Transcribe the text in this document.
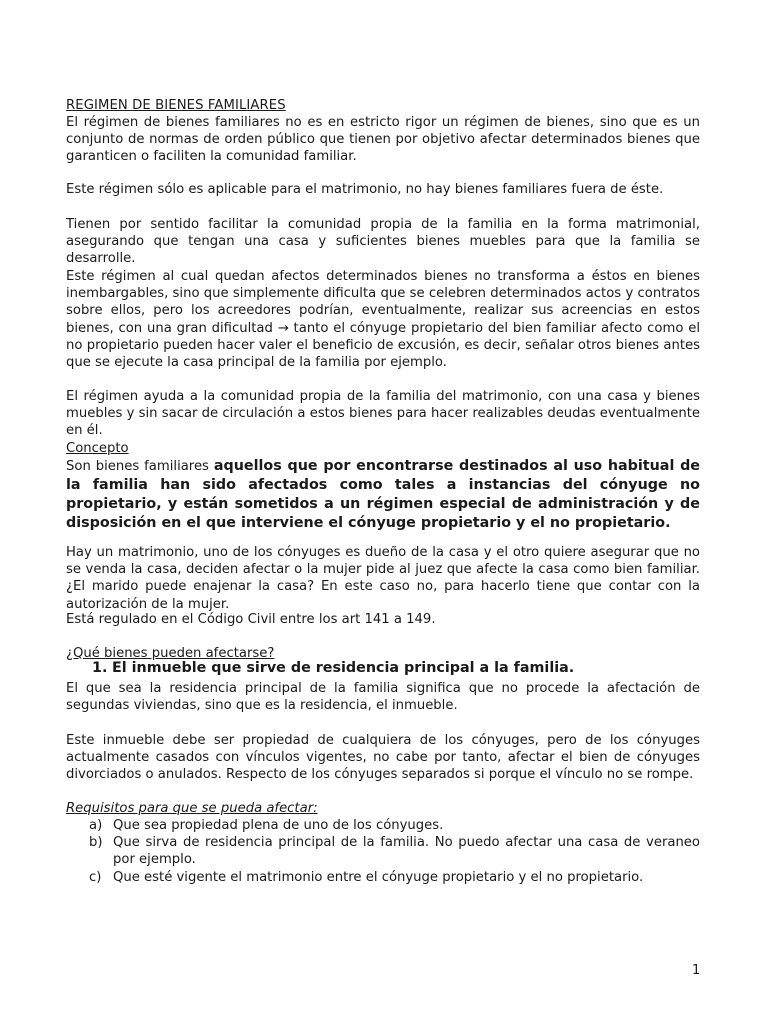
REGIMEN DE BIENES FAMILIARES
El régimen de bienes familiares no es en estricto rigor un régimen de bienes, sino que es un conjunto de normas de orden público que tienen por objetivo afectar determinados bienes que garanticen o faciliten la comunidad familiar.
Este régimen sólo es aplicable para el matrimonio, no hay bienes familiares fuera de éste.
Tienen por sentido facilitar la comunidad propia de la familia en la forma matrimonial, asegurando que tengan una casa y suficientes bienes muebles para que la familia se desarrolle.
Este régimen al cual quedan afectos determinados bienes no transforma a éstos en bienes inembargables, sino que simplemente dificulta que se celebren determinados actos y contratos sobre ellos, pero los acreedores podrían, eventualmente, realizar sus acreencias en estos bienes, con una gran dificultad → tanto el cónyuge propietario del bien familiar afecto como el no propietario pueden hacer valer el beneficio de excusión, es decir, señalar otros bienes antes que se ejecute la casa principal de la familia por ejemplo.
El régimen ayuda a la comunidad propia de la familia del matrimonio, con una casa y bienes muebles y sin sacar de circulación a estos bienes para hacer realizables deudas eventualmente en él.
Concepto
Son bienes familiares aquellos que por encontrarse destinados al uso habitual de la familia han sido afectados como tales a instancias del cónyuge no propietario, y están sometidos a un régimen especial de administración y de disposición en el que interviene el cónyuge propietario y el no propietario.
Hay un matrimonio, uno de los cónyuges es dueño de la casa y el otro quiere asegurar que no se venda la casa, deciden afectar o la mujer pide al juez que afecte la casa como bien familiar. ¿El marido puede enajenar la casa? En este caso no, para hacerlo tiene que contar con la autorización de la mujer.
Está regulado en el Código Civil entre los art 141 a 149.
¿Qué bienes pueden afectarse?
1. El inmueble que sirve de residencia principal a la familia.
El que sea la residencia principal de la familia significa que no procede la afectación de segundas viviendas, sino que es la residencia, el inmueble.
Este inmueble debe ser propiedad de cualquiera de los cónyuges, pero de los cónyuges actualmente casados con vínculos vigentes, no cabe por tanto, afectar el bien de cónyuges divorciados o anulados. Respecto de los cónyuges separados si porque el vínculo no se rompe.
Requisitos para que se pueda afectar:
a) Que sea propiedad plena de uno de los cónyuges.
b) Que sirva de residencia principal de la familia. No puedo afectar una casa de veraneo por ejemplo.
c) Que esté vigente el matrimonio entre el cónyuge propietario y el no propietario.
1
